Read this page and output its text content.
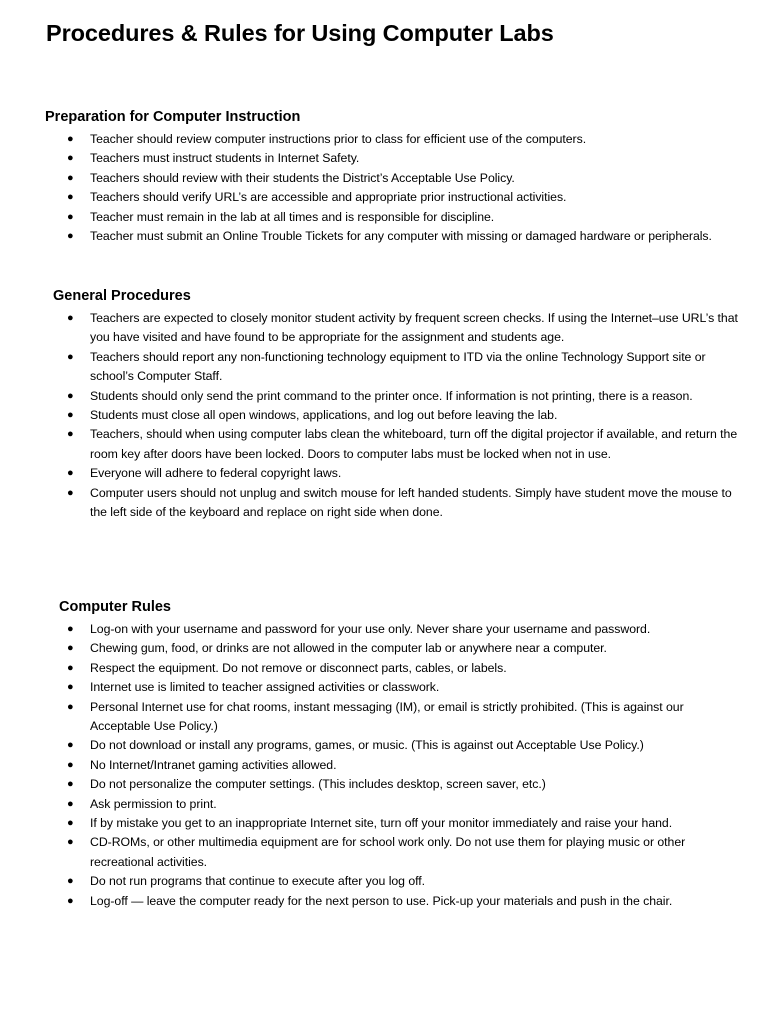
Procedures & Rules for Using Computer Labs
Preparation for Computer Instruction
● Teacher should review computer instructions prior to class for efficient use of the computers.
● Teachers must instruct students in Internet Safety.
● Teachers should review with their students the District’s Acceptable Use Policy.
● Teachers should verify URL’s are accessible and appropriate prior instructional activities.
● Teacher must remain in the lab at all times and is responsible for discipline.
● Teacher must submit an Online Trouble Tickets for any computer with missing or damaged hardware or peripherals.
General Procedures
● Teachers are expected to closely monitor student activity by frequent screen checks. If using the Internet–use URL’s that you have visited and have found to be appropriate for the assignment and students age.
● Teachers should report any non-functioning technology equipment to ITD via the online Technology Support site or school’s Computer Staff.
● Students should only send the print command to the printer once. If information is not printing, there is a reason.
● Students must close all open windows, applications, and log out before leaving the lab.
● Teachers, should when using computer labs clean the whiteboard, turn off the digital projector if available, and return the room key after doors have been locked. Doors to computer labs must be locked when not in use.
● Everyone will adhere to federal copyright laws.
● Computer users should not unplug and switch mouse for left handed students. Simply have student move the mouse to the left side of the keyboard and replace on right side when done.
Computer Rules
● Log-on with your username and password for your use only. Never share your username and password.
● Chewing gum, food, or drinks are not allowed in the computer lab or anywhere near a computer.
● Respect the equipment. Do not remove or disconnect parts, cables, or labels.
● Internet use is limited to teacher assigned activities or classwork.
● Personal Internet use for chat rooms, instant messaging (IM), or email is strictly prohibited. (This is against our Acceptable Use Policy.)
● Do not download or install any programs, games, or music. (This is against out Acceptable Use Policy.)
● No Internet/Intranet gaming activities allowed.
● Do not personalize the computer settings. (This includes desktop, screen saver, etc.)
● Ask permission to print.
● If by mistake you get to an inappropriate Internet site, turn off your monitor immediately and raise your hand.
● CD-ROMs, or other multimedia equipment are for school work only. Do not use them for playing music or other recreational activities.
● Do not run programs that continue to execute after you log off.
● Log-off — leave the computer ready for the next person to use. Pick-up your materials and push in the chair.
